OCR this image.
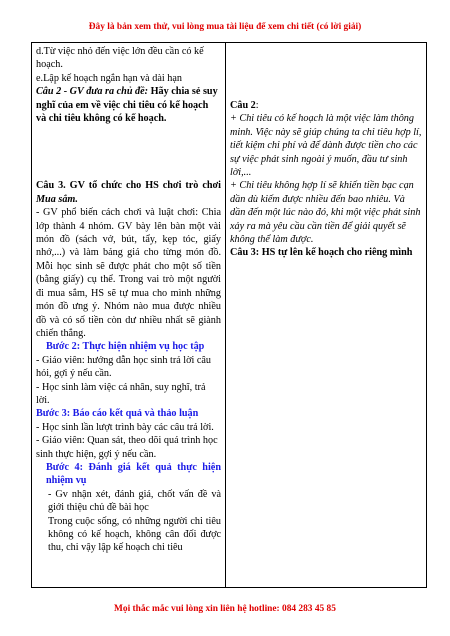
Đây là bản xem thử, vui lòng mua tài liệu để xem chi tiết (có lời giải)

d.Từ việc nhỏ đến việc lớn đều cần có kế hoạch.

e.Lập kế hoạch ngắn hạn và dài hạn

Câu 2 - GV đưa ra chủ đề: Hãy chia sẻ suy nghĩ của em về việc chi tiêu có kế hoạch và chi tiêu không có kế hoạch.

Câu 3. GV tổ chức cho HS chơi trò chơi Mua sắm.

- GV phổ biến cách chơi và luật chơi: Chia lớp thành 4 nhóm. GV bày lên bàn một vài món đồ (sách vở, bút, tẩy, kẹp tóc, giấy nhớ,...) và làm bảng giá cho từng món đồ. Mỗi học sinh sẽ được phát cho một số tiền (bằng giấy) cụ thể. Trong vai trò một người đi mua sắm, HS sẽ tự mua cho mình những món đồ ưng ý. Nhóm nào mua được nhiều đồ và có số tiền còn dư nhiều nhất sẽ giành chiến thắng.

Bước 2: Thực hiện nhiệm vụ học tập

- Giáo viên: hướng dẫn học sinh trả lời câu hỏi, gợi ý nếu cần.

- Học sinh làm việc cá nhân, suy nghĩ, trả lời.

Bước 3: Báo cáo kết quả và thảo luận

- Học sinh lần lượt trình bày các câu trả lời.

- Giáo viên: Quan sát, theo dõi quá trình học sinh thực hiện, gợi ý nếu cần.

Bước 4: Đánh giá kết quả thực hiện nhiệm vụ

- Gv nhận xét, đánh giá, chốt vấn đề và giới thiệu chủ đề bài học

Trong cuộc sống, có những người chi tiêu không có kế hoạch, không cân đối được thu, chi vậy lập kế hoạch chi tiêu

Câu 2:

+ Chi tiêu có kế hoạch là một việc làm thông minh. Việc này sẽ giúp chúng ta chi tiêu hợp lí, tiết kiệm chi phí và để dành được tiền cho các sự việc phát sinh ngoài ý muốn, đầu tư sinh lời,...

+ Chi tiêu không hợp lí sẽ khiến tiền bạc cạn dần dù kiếm được nhiều đến bao nhiêu. Và dần đến một lúc nào đó, khi một việc phát sinh xảy ra mà yêu cầu cần tiền để giải quyết sẽ không thể làm được.

Câu 3: HS tự lên kế hoạch cho riêng mình

Mọi thắc mắc vui lòng xin liên hệ hotline: 084 283 45 85
